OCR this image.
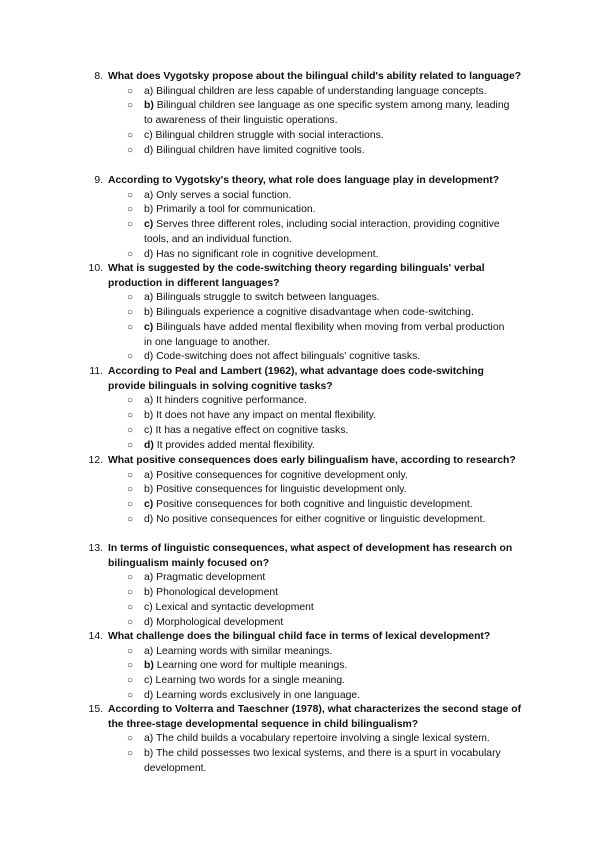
8. What does Vygotsky propose about the bilingual child's ability related to language?
○ a) Bilingual children are less capable of understanding language concepts.
○ b) Bilingual children see language as one specific system among many, leading to awareness of their linguistic operations.
○ c) Bilingual children struggle with social interactions.
○ d) Bilingual children have limited cognitive tools.
9. According to Vygotsky's theory, what role does language play in development?
○ a) Only serves a social function.
○ b) Primarily a tool for communication.
○ c) Serves three different roles, including social interaction, providing cognitive tools, and an individual function.
○ d) Has no significant role in cognitive development.
10. What is suggested by the code-switching theory regarding bilinguals' verbal production in different languages?
○ a) Bilinguals struggle to switch between languages.
○ b) Bilinguals experience a cognitive disadvantage when code-switching.
○ c) Bilinguals have added mental flexibility when moving from verbal production in one language to another.
○ d) Code-switching does not affect bilinguals' cognitive tasks.
11. According to Peal and Lambert (1962), what advantage does code-switching provide bilinguals in solving cognitive tasks?
○ a) It hinders cognitive performance.
○ b) It does not have any impact on mental flexibility.
○ c) It has a negative effect on cognitive tasks.
○ d) It provides added mental flexibility.
12. What positive consequences does early bilingualism have, according to research?
○ a) Positive consequences for cognitive development only.
○ b) Positive consequences for linguistic development only.
○ c) Positive consequences for both cognitive and linguistic development.
○ d) No positive consequences for either cognitive or linguistic development.
13. In terms of linguistic consequences, what aspect of development has research on bilingualism mainly focused on?
○ a) Pragmatic development
○ b) Phonological development
○ c) Lexical and syntactic development
○ d) Morphological development
14. What challenge does the bilingual child face in terms of lexical development?
○ a) Learning words with similar meanings.
○ b) Learning one word for multiple meanings.
○ c) Learning two words for a single meaning.
○ d) Learning words exclusively in one language.
15. According to Volterra and Taeschner (1978), what characterizes the second stage of the three-stage developmental sequence in child bilingualism?
○ a) The child builds a vocabulary repertoire involving a single lexical system.
○ b) The child possesses two lexical systems, and there is a spurt in vocabulary development.
